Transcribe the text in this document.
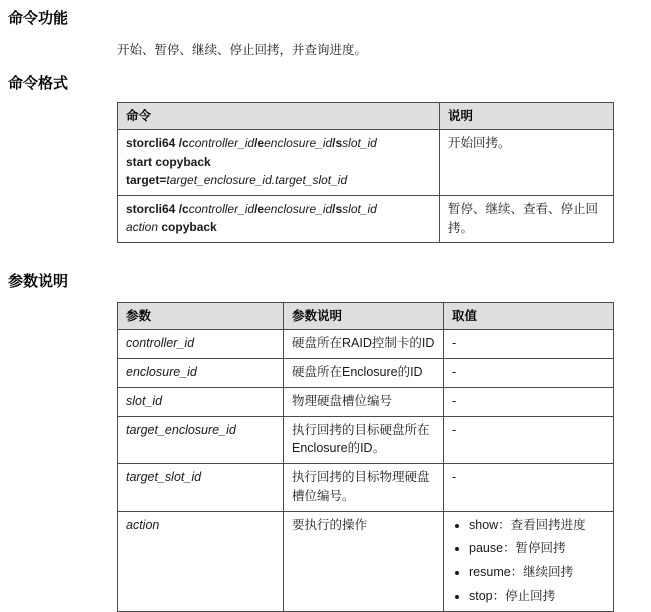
命令功能

开始、暂停、继续、停止回拷，并查询进度。

命令格式
命令	说明
storcli64 /ccontroller_id/eenclosure_id/sslot_id
start copyback
target=target_enclosure_id.target_slot_id	开始回拷。
storcli64 /ccontroller_id/eenclosure_id/sslot_id
action copyback	暂停、继续、查看、停止回拷。
参数说明
参数	参数说明	取值
controller_id	硬盘所在RAID控制卡的ID	-
enclosure_id	硬盘所在Enclosure的ID	-
slot_id	物理硬盘槽位编号	-
target_enclosure_id	执行回拷的目标硬盘所在Enclosure的ID。	-
target_slot_id	执行回拷的目标物理硬盘槽位编号。	-
action	要执行的操作	
•show：查看回拷进度
• pause：暂停回拷
• resume：继续回拷
• stop：停止回拷
